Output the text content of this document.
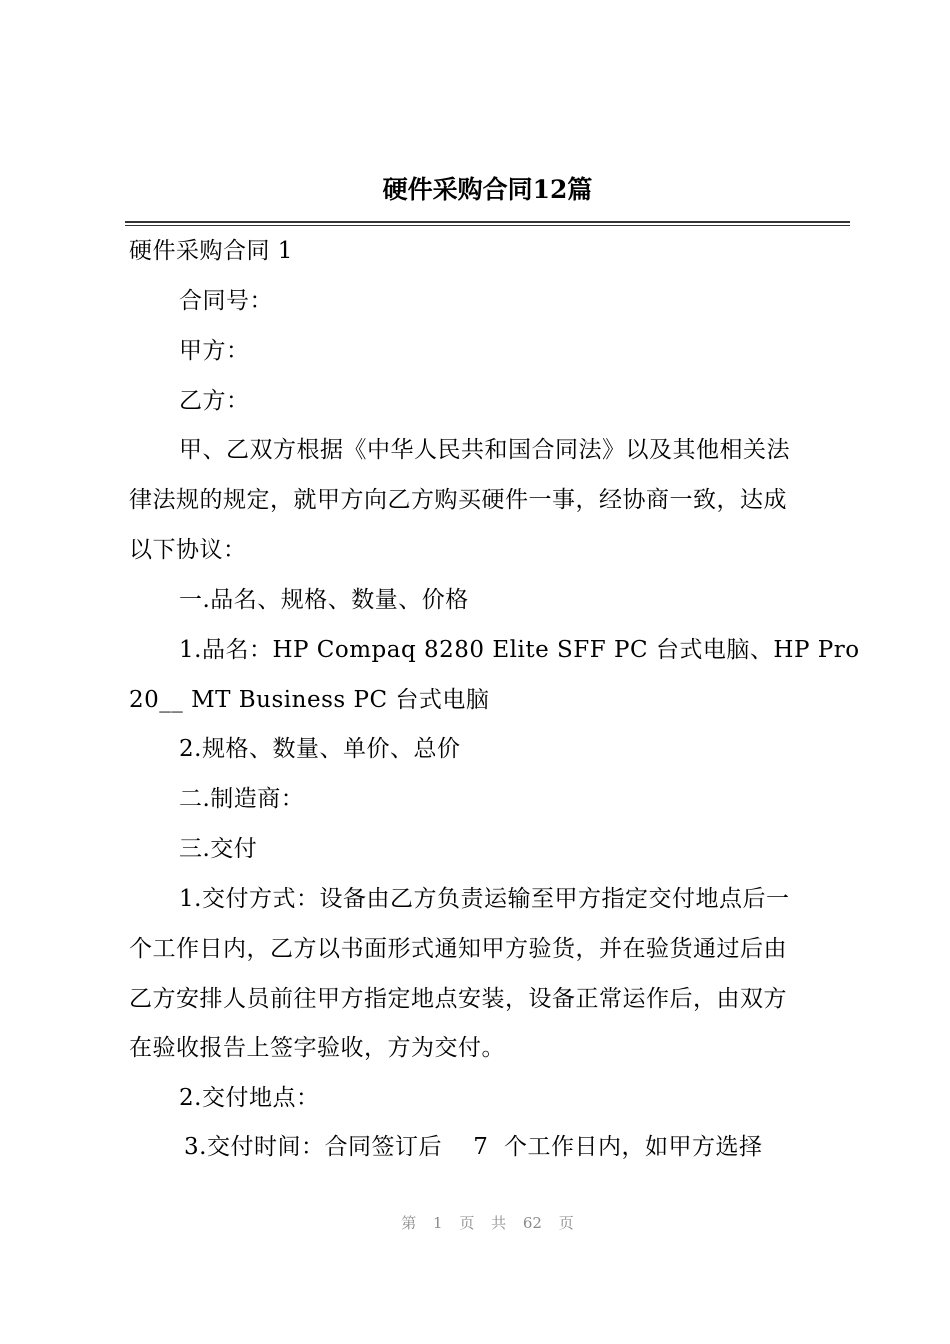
硬件采购合同12篇
硬件采购合同 1
合同号：
甲方：
乙方：
甲、乙双方根据《中华人民共和国合同法》以及其他相关法
律法规的规定，就甲方向乙方购买硬件一事，经协商一致，达成
以下协议：
一.品名、规格、数量、价格
1.品名：HP Compaq 8280 Elite SFF PC 台式电脑、HP Pro
20__ MT Business PC 台式电脑
2.规格、数量、单价、总价
二.制造商：
三.交付
1.交付方式：设备由乙方负责运输至甲方指定交付地点后一
个工作日内，乙方以书面形式通知甲方验货，并在验货通过后由
乙方安排人员前往甲方指定地点安装，设备正常运作后，由双方
在验收报告上签字验收，方为交付。
2.交付地点：
3.交付时间：合同签订后    7  个工作日内，如甲方选择
第 1 页 共 62 页
